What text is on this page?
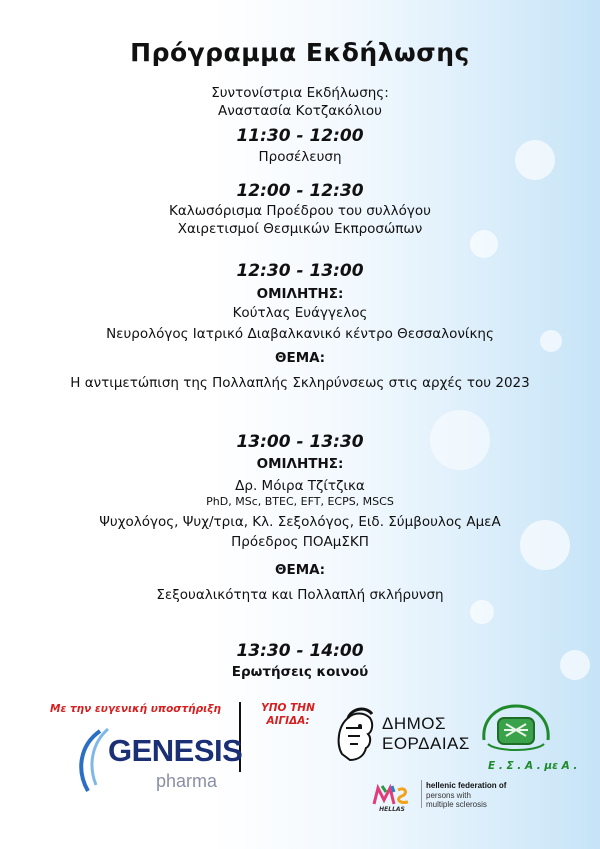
Πρόγραμμα Εκδήλωσης
Συντονίστρια Εκδήλωσης:
Αναστασία Κοτζακόλιου
11:30 - 12:00
Προσέλευση
12:00 - 12:30
Καλωσόρισμα Προέδρου του συλλόγου
Χαιρετισμοί Θεσμικών Εκπροσώπων
12:30 - 13:00
ΟΜΙΛΗΤΗΣ:
Κούτλας Ευάγγελος
Νευρολόγος Ιατρικό Διαβαλκανικό κέντρο Θεσσαλονίκης
ΘΕΜΑ:
Η αντιμετώπιση της Πολλαπλής Σκληρύνσεως στις αρχές του 2023
13:00 - 13:30
ΟΜΙΛΗΤΗΣ:
Δρ. Μόιρα Τζίτζικα
PhD, MSc, BTEC, EFT, ECPS, MSCS
Ψυχολόγος, Ψυχ/τρια, Κλ. Σεξολόγος, Ειδ. Σύμβουλος ΑμεΑ
Πρόεδρος ΠΟΑμΣΚΠ
ΘΕΜΑ:
Σεξουαλικότητα και Πολλαπλή σκλήρυνση
13:30 - 14:00
Ερωτήσεις κοινού
Με την ευγενική υποστήριξη	ΥΠΟ ΤΗΝ ΑΙΓΙΔΑ:
GENESIS
pharma
ΔΗΜΟΣ
ΕΟΡΔΑΙΑΣ
Ε . Σ . Α . με Α .
HELLAS
hellenic federation of
persons with
multiple sclerosis
